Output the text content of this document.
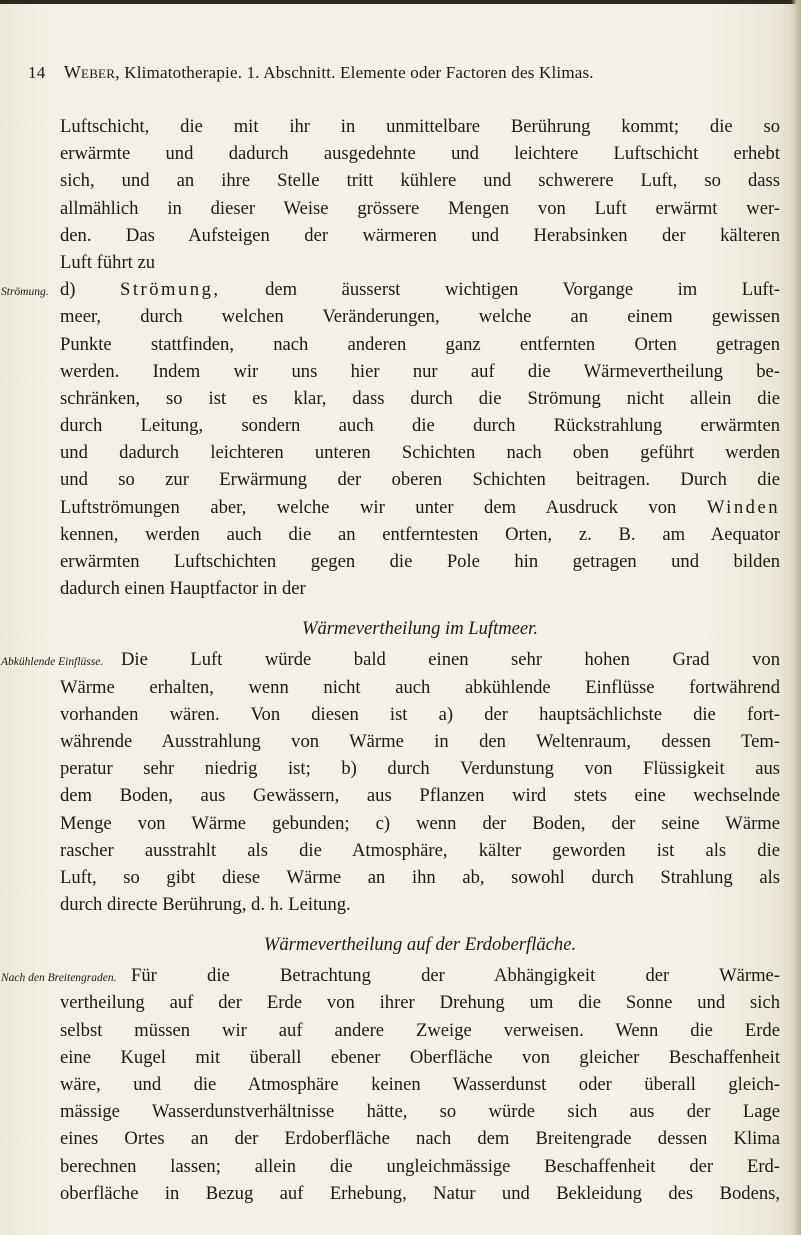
14 Weber, Klimatotherapie. 1. Abschnitt. Elemente oder Factoren des Klimas.
Luftschicht, die mit ihr in unmittelbare Berührung kommt; die so
erwärmte und dadurch ausgedehnte und leichtere Luftschicht erhebt
sich, und an ihre Stelle tritt kühlere und schwerere Luft, so dass
allmählich in dieser Weise grössere Mengen von Luft erwärmt wer-
den. Das Aufsteigen der wärmeren und Herabsinken der kälteren
Luft führt zu
Strömung. d) Strömung, dem äusserst wichtigen Vorgange im Luft-
meer, durch welchen Veränderungen, welche an einem gewissen
Punkte stattfinden, nach anderen ganz entfernten Orten getragen
werden. Indem wir uns hier nur auf die Wärmevertheilung be-
schränken, so ist es klar, dass durch die Strömung nicht allein die
durch Leitung, sondern auch die durch Rückstrahlung erwärmten
und dadurch leichteren unteren Schichten nach oben geführt werden
und so zur Erwärmung der oberen Schichten beitragen. Durch die
Luftströmungen aber, welche wir unter dem Ausdruck von Winden
kennen, werden auch die an entferntesten Orten, z. B. am Aequator
erwärmten Luftschichten gegen die Pole hin getragen und bilden
dadurch einen Hauptfactor in der
Wärmevertheilung im Luftmeer.
Abkühlende Einflüsse. Die Luft würde bald einen sehr hohen Grad von
Wärme erhalten, wenn nicht auch abkühlende Einflüsse fortwährend
vorhanden wären. Von diesen ist a) der hauptsächlichste die fort-
währende Ausstrahlung von Wärme in den Weltenraum, dessen Tem-
peratur sehr niedrig ist; b) durch Verdunstung von Flüssigkeit aus
dem Boden, aus Gewässern, aus Pflanzen wird stets eine wechselnde
Menge von Wärme gebunden; c) wenn der Boden, der seine Wärme
rascher ausstrahlt als die Atmosphäre, kälter geworden ist als die
Luft, so gibt diese Wärme an ihn ab, sowohl durch Strahlung als
durch directe Berührung, d. h. Leitung.
Wärmevertheilung auf der Erdoberfläche.
Nach den Breitengraden. Für die Betrachtung der Abhängigkeit der Wärme-
vertheilung auf der Erde von ihrer Drehung um die Sonne und sich
selbst müssen wir auf andere Zweige verweisen. Wenn die Erde
eine Kugel mit überall ebener Oberfläche von gleicher Beschaffenheit
wäre, und die Atmosphäre keinen Wasserdunst oder überall gleich-
mässige Wasserdunstverhältnisse hätte, so würde sich aus der Lage
eines Ortes an der Erdoberfläche nach dem Breitengrade dessen Klima
berechnen lassen; allein die ungleichmässige Beschaffenheit der Erd-
oberfläche in Bezug auf Erhebung, Natur und Bekleidung des Bodens,
